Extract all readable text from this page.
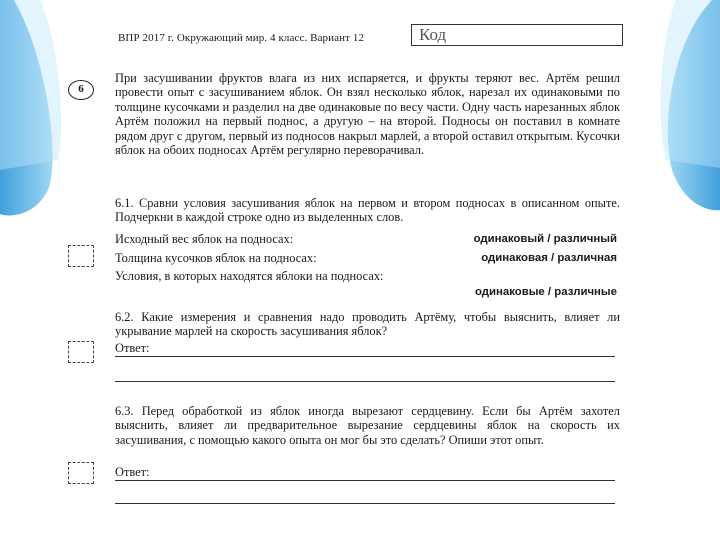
ВПР 2017 г. Окружающий мир. 4 класс. Вариант 12	Код
6
При засушивании фруктов влага из них испаряется, и фрукты теряют вес. Артём решил провести опыт с засушиванием яблок. Он взял несколько яблок, нарезал их одинаковыми по толщине кусочками и разделил на две одинаковые по весу части. Одну часть нарезанных яблок Артём положил на первый поднос, а другую – на второй. Подносы он поставил в комнате рядом друг с другом, первый из подносов накрыл марлей, а второй оставил открытым. Кусочки яблок на обоих подносах Артём регулярно переворачивал.
6.1. Сравни условия засушивания яблок на первом и втором подносах в описанном опыте. Подчеркни в каждой строке одно из выделенных слов.
Исходный вес яблок на подносах:	одинаковый / различный
Толщина кусочков яблок на подносах:	одинаковая / различная
Условия, в которых находятся яблоки на подносах:
одинаковые / различные
6.2. Какие измерения и сравнения надо проводить Артёму, чтобы выяснить, влияет ли укрывание марлей на скорость засушивания яблок?
Ответ:
6.3. Перед обработкой из яблок иногда вырезают сердцевину. Если бы Артём захотел выяснить, влияет ли предварительное вырезание сердцевины яблок на скорость их засушивания, с помощью какого опыта он мог бы это сделать? Опиши этот опыт.
Ответ:
